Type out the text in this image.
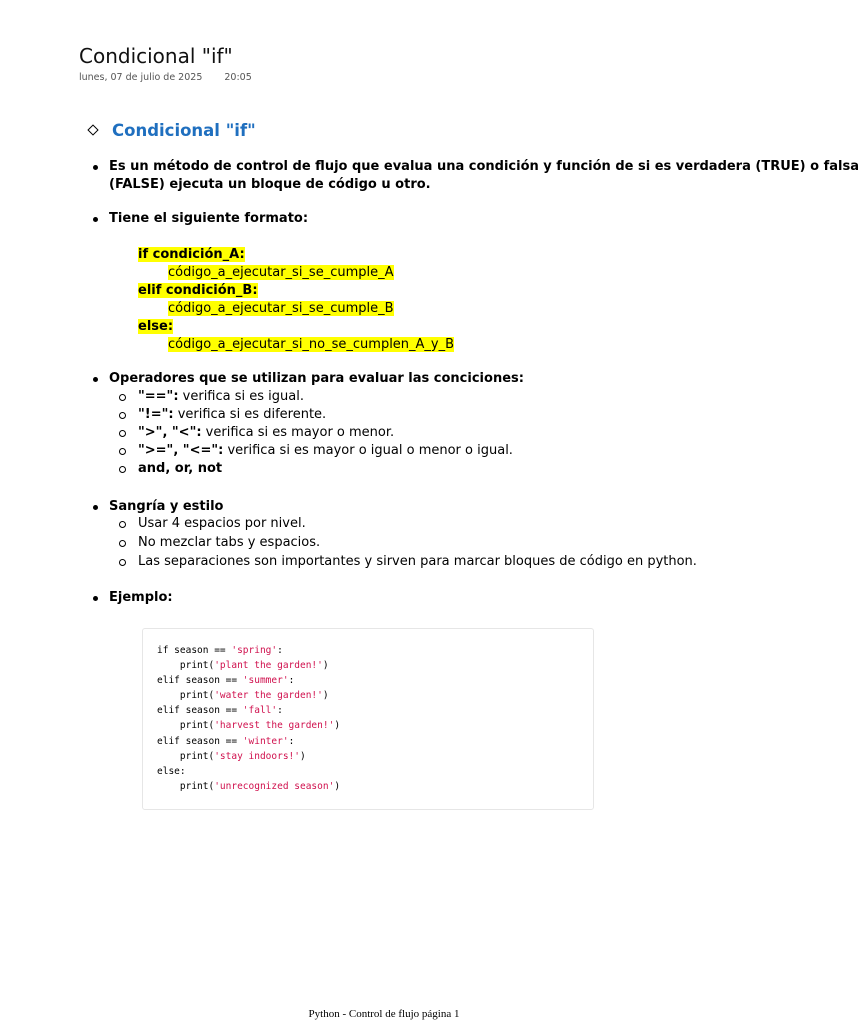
Condicional "if"
lunes, 07 de julio de 2025 20:05
Condicional "if"
Es un método de control de flujo que evalua una condición y función de si es verdadera (TRUE) o falsa
(FALSE) ejecuta un bloque de código u otro.
Tiene el siguiente formato:
if condición_A:
código_a_ejecutar_si_se_cumple_A
elif condición_B:
código_a_ejecutar_si_se_cumple_B
else:
código_a_ejecutar_si_no_se_cumplen_A_y_B
Operadores que se utilizan para evaluar las conciciones:
"==": verifica si es igual.
"!=": verifica si es diferente.
">", "<": verifica si es mayor o menor.
">=", "<=": verifica si es mayor o igual o menor o igual.
and, or, not
Sangría y estilo
Usar 4 espacios por nivel.
No mezclar tabs y espacios.
Las separaciones son importantes y sirven para marcar bloques de código en python.
Ejemplo:
if season == 'spring':
print('plant the garden!')
elif season == 'summer':
print('water the garden!')
elif season == 'fall':
print('harvest the garden!')
elif season == 'winter':
print('stay indoors!')
else:
print('unrecognized season')
Python - Control de flujo página 1
